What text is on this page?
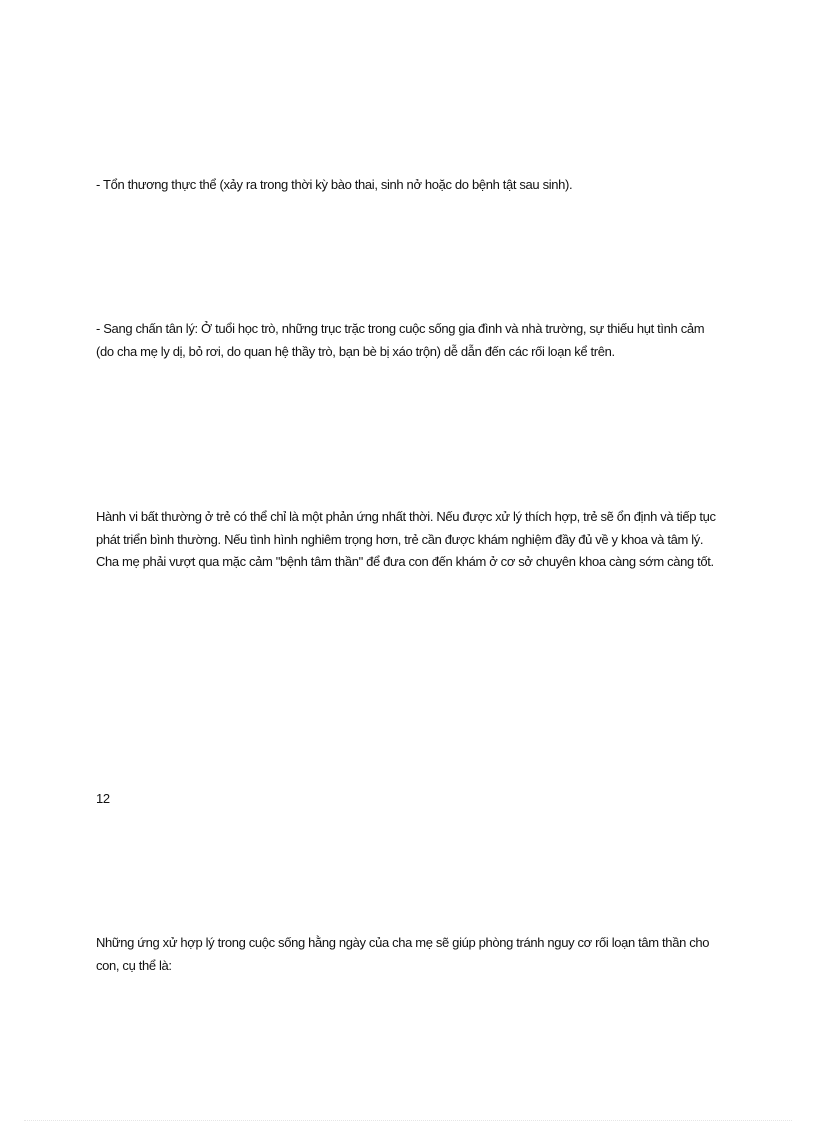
- Tổn thương thực thể (xảy ra trong thời kỳ bào thai, sinh nở hoặc do bệnh tật sau sinh).

- Sang chấn tân lý: Ở tuổi học trò, những trục trặc trong cuộc sống gia đình và nhà trường, sự thiếu hụt tình cảm (do cha mẹ ly dị, bỏ rơi, do quan hệ thầy trò, bạn bè bị xáo trộn) dễ dẫn đến các rối loạn kể trên.

Hành vi bất thường ở trẻ có thể chỉ là một phản ứng nhất thời. Nếu được xử lý thích hợp, trẻ sẽ ổn định và tiếp tục phát triển bình thường. Nếu tình hình nghiêm trọng hơn, trẻ cần được khám nghiệm đầy đủ về y khoa và tâm lý. Cha mẹ phải vượt qua mặc cảm "bệnh tâm thần" để đưa con đến khám ở cơ sở chuyên khoa càng sớm càng tốt.

12

Những ứng xử hợp lý trong cuộc sống hằng ngày của cha mẹ sẽ giúp phòng tránh nguy cơ rối loạn tâm thần cho con, cụ thể là:
